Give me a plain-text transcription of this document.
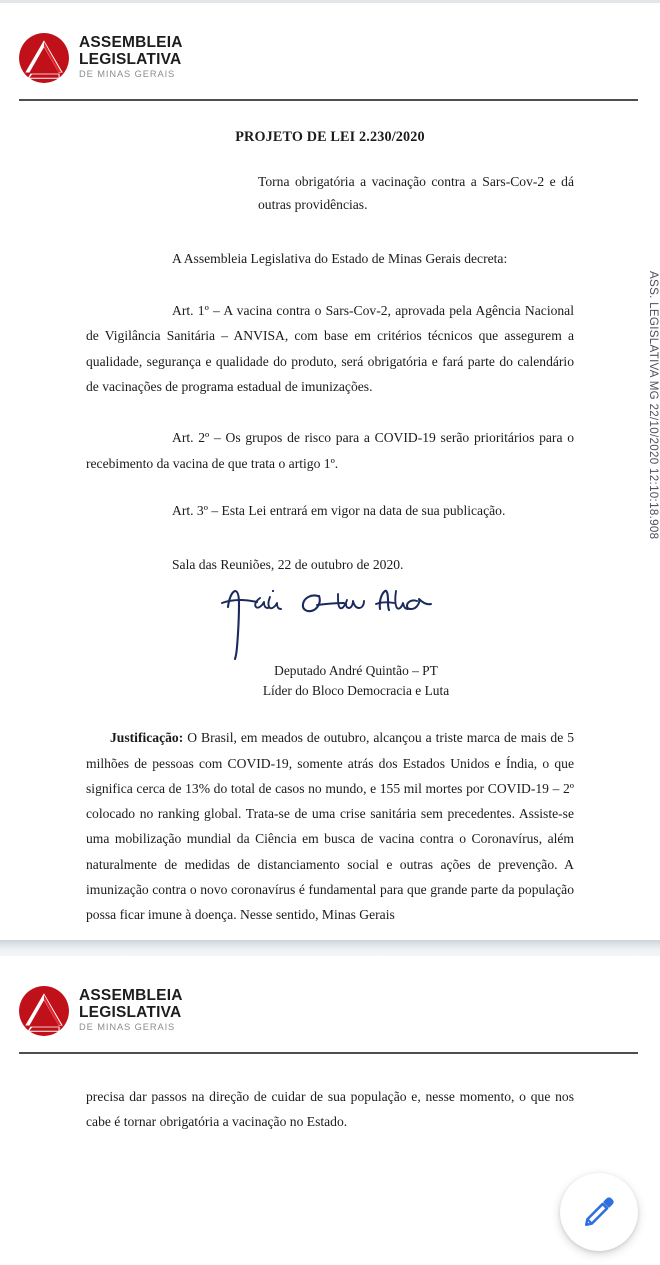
ASSEMBLEIA
LEGISLATIVA
DE MINAS GERAIS
PROJETO DE LEI 2.230/2020

Torna obrigatória a vacinação contra a Sars-Cov-2 e dá outras providências.

A Assembleia Legislativa do Estado de Minas Gerais decreta:

Art. 1º – A vacina contra o Sars-Cov-2, aprovada pela Agência Nacional de Vigilância Sanitária – ANVISA, com base em critérios técnicos que assegurem a qualidade, segurança e qualidade do produto, será obrigatória e fará parte do calendário de vacinações de programa estadual de imunizações.

Art. 2º – Os grupos de risco para a COVID-19 serão prioritários para o recebimento da vacina de que trata o artigo 1º.

Art. 3º – Esta Lei entrará em vigor na data de sua publicação.

Sala das Reuniões, 22 de outubro de 2020.

Deputado André Quintão – PT
Líder do Bloco Democracia e Luta

Justificação: O Brasil, em meados de outubro, alcançou a triste marca de mais de 5 milhões de pessoas com COVID-19, somente atrás dos Estados Unidos e Índia, o que significa cerca de 13% do total de casos no mundo, e 155 mil mortes por COVID-19 – 2º colocado no ranking global. Trata-se de uma crise sanitária sem precedentes. Assiste-se uma mobilização mundial da Ciência em busca de vacina contra o Coronavírus, além naturalmente de medidas de distanciamento social e outras ações de prevenção. A imunização contra o novo coronavírus é fundamental para que grande parte da população possa ficar imune à doença. Nesse sentido, Minas Gerais

ASS. LEGISLATIVA MG 22/10/2020 12:10:18.908
ASSEMBLEIA
LEGISLATIVA
DE MINAS GERAIS

precisa dar passos na direção de cuidar de sua população e, nesse momento, o que nos cabe é tornar obrigatória a vacinação no Estado.
